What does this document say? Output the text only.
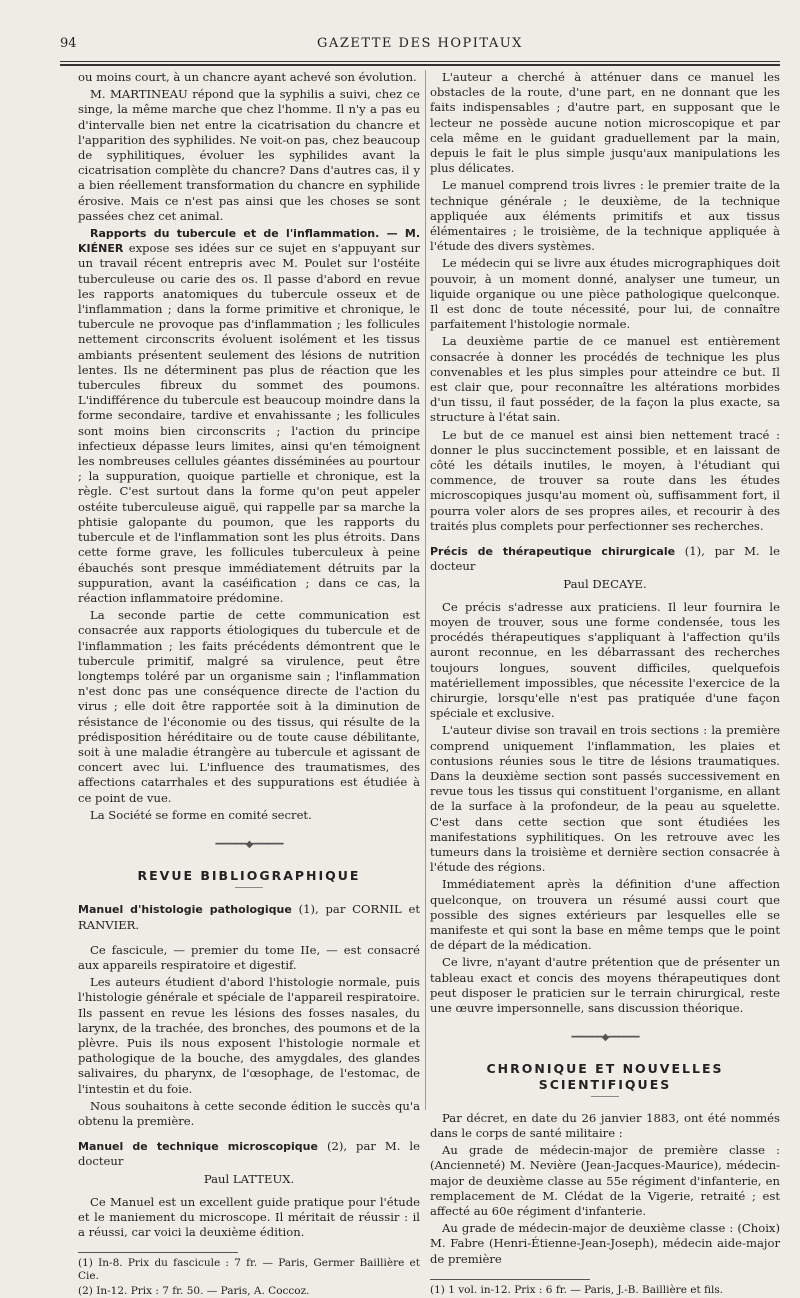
94	GAZETTE DES HOPITAUX

ou moins court, à un chancre ayant achevé son évolution.

M. MARTINEAU répond que la syphilis a suivi, chez ce singe, la même marche que chez l'homme. Il n'y a pas eu d'intervalle bien net entre la cicatrisation du chancre et l'apparition des syphilides. Ne voit-on pas, chez beaucoup de syphilitiques, évoluer les syphilides avant la cicatrisation complète du chancre? Dans d'autres cas, il y a bien réellement transformation du chancre en syphilide érosive. Mais ce n'est pas ainsi que les choses se sont passées chez cet animal.

Rapports du tubercule et de l'inflammation. — M. KIÉNER expose ses idées sur ce sujet en s'appuyant sur un travail récent entrepris avec M. Poulet sur l'ostéite tuberculeuse ou carie des os. Il passe d'abord en revue les rapports anatomiques du tubercule osseux et de l'inflammation ; dans la forme primitive et chronique, le tubercule ne provoque pas d'inflammation ; les follicules nettement circonscrits évoluent isolément et les tissus ambiants présentent seulement des lésions de nutrition lentes. Ils ne déterminent pas plus de réaction que les tubercules fibreux du sommet des poumons. L'indifférence du tubercule est beaucoup moindre dans la forme secondaire, tardive et envahissante ; les follicules sont moins bien circonscrits ; l'action du principe infectieux dépasse leurs limites, ainsi qu'en témoignent les nombreuses cellules géantes disséminées au pourtour ; la suppuration, quoique partielle et chronique, est la règle. C'est surtout dans la forme qu'on peut appeler ostéite tuberculeuse aiguë, qui rappelle par sa marche la phtisie galopante du poumon, que les rapports du tubercule et de l'inflammation sont les plus étroits. Dans cette forme grave, les follicules tuberculeux à peine ébauchés sont presque immédiatement détruits par la suppuration, avant la caséification ; dans ce cas, la réaction inflammatoire prédomine.

La seconde partie de cette communication est consacrée aux rapports étiologiques du tubercule et de l'inflammation ; les faits précédents démontrent que le tubercule primitif, malgré sa virulence, peut être longtemps toléré par un organisme sain ; l'inflammation n'est donc pas une conséquence directe de l'action du virus ; elle doit être rapportée soit à la diminution de résistance de l'économie ou des tissus, qui résulte de la prédisposition héréditaire ou de toute cause débilitante, soit à une maladie étrangère au tubercule et agissant de concert avec lui. L'influence des traumatismes, des affections catarrhales et des suppurations est étudiée à ce point de vue.

La Société se forme en comité secret.

━━━━━━◆━━━━━━
REVUE BIBLIOGRAPHIQUE

Manuel d'histologie pathologique (1), par CORNIL et RANVIER.

Ce fascicule, — premier du tome IIe, — est consacré aux appareils respiratoire et digestif.

Les auteurs étudient d'abord l'histologie normale, puis l'histologie générale et spéciale de l'appareil respiratoire. Ils passent en revue les lésions des fosses nasales, du larynx, de la trachée, des bronches, des poumons et de la plèvre. Puis ils nous exposent l'histologie normale et pathologique de la bouche, des amygdales, des glandes salivaires, du pharynx, de l'œsophage, de l'estomac, de l'intestin et du foie.

Nous souhaitons à cette seconde édition le succès qu'a obtenu la première.

Manuel de technique microscopique (2), par M. le docteur

Paul LATTEUX.

Ce Manuel est un excellent guide pratique pour l'étude et le maniement du microscope. Il méritait de réussir : il a réussi, car voici la deuxième édition.

(1) In-8. Prix du fascicule : 7 fr. — Paris, Germer Baillière et Cie.

(2) In-12. Prix : 7 fr. 50. — Paris, A. Coccoz.

L'auteur a cherché à atténuer dans ce manuel les obstacles de la route, d'une part, en ne donnant que les faits indispensables ; d'autre part, en supposant que le lecteur ne possède aucune notion microscopique et par cela même en le guidant graduellement par la main, depuis le fait le plus simple jusqu'aux manipulations les plus délicates.

Le manuel comprend trois livres : le premier traite de la technique générale ; le deuxième, de la technique appliquée aux éléments primitifs et aux tissus élémentaires ; le troisième, de la technique appliquée à l'étude des divers systèmes.

Le médecin qui se livre aux études micrographiques doit pouvoir, à un moment donné, analyser une tumeur, un liquide organique ou une pièce pathologique quelconque. Il est donc de toute nécessité, pour lui, de connaître parfaitement l'histologie normale.

La deuxième partie de ce manuel est entièrement consacrée à donner les procédés de technique les plus convenables et les plus simples pour atteindre ce but. Il est clair que, pour reconnaître les altérations morbides d'un tissu, il faut posséder, de la façon la plus exacte, sa structure à l'état sain.

Le but de ce manuel est ainsi bien nettement tracé : donner le plus succinctement possible, et en laissant de côté les détails inutiles, le moyen, à l'étudiant qui commence, de trouver sa route dans les études microscopiques jusqu'au moment où, suffisamment fort, il pourra voler alors de ses propres ailes, et recourir à des traités plus complets pour perfectionner ses recherches.

Précis de thérapeutique chirurgicale (1), par M. le docteur

Paul DECAYE.

Ce précis s'adresse aux praticiens. Il leur fournira le moyen de trouver, sous une forme condensée, tous les procédés thérapeutiques s'appliquant à l'affection qu'ils auront reconnue, en les débarrassant des recherches toujours longues, souvent difficiles, quelquefois matériellement impossibles, que nécessite l'exercice de la chirurgie, lorsqu'elle n'est pas pratiquée d'une façon spéciale et exclusive.

L'auteur divise son travail en trois sections : la première comprend uniquement l'inflammation, les plaies et contusions réunies sous le titre de lésions traumatiques. Dans la deuxième section sont passés successivement en revue tous les tissus qui constituent l'organisme, en allant de la surface à la profondeur, de la peau au squelette. C'est dans cette section que sont étudiées les manifestations syphilitiques. On les retrouve avec les tumeurs dans la troisième et dernière section consacrée à l'étude des régions.

Immédiatement après la définition d'une affection quelconque, on trouvera un résumé aussi court que possible des signes extérieurs par lesquelles elle se manifeste et qui sont la base en même temps que le point de départ de la médication.

Ce livre, n'ayant d'autre prétention que de présenter un tableau exact et concis des moyens thérapeutiques dont peut disposer le praticien sur le terrain chirurgical, reste une œuvre impersonnelle, sans discussion théorique.

━━━━━━◆━━━━━━
CHRONIQUE ET NOUVELLES SCIENTIFIQUES

Par décret, en date du 26 janvier 1883, ont été nommés dans le corps de santé militaire :

Au grade de médecin-major de première classe : (Ancienneté) M. Nevière (Jean-Jacques-Maurice), médecin-major de deuxième classe au 55e régiment d'infanterie, en remplacement de M. Clédat de la Vigerie, retraité ; est affecté au 60e régiment d'infanterie.

Au grade de médecin-major de deuxième classe : (Choix) M. Fabre (Henri-Étienne-Jean-Joseph), médecin aide-major de première

(1) 1 vol. in-12. Prix : 6 fr. — Paris, J.-B. Baillière et fils.
